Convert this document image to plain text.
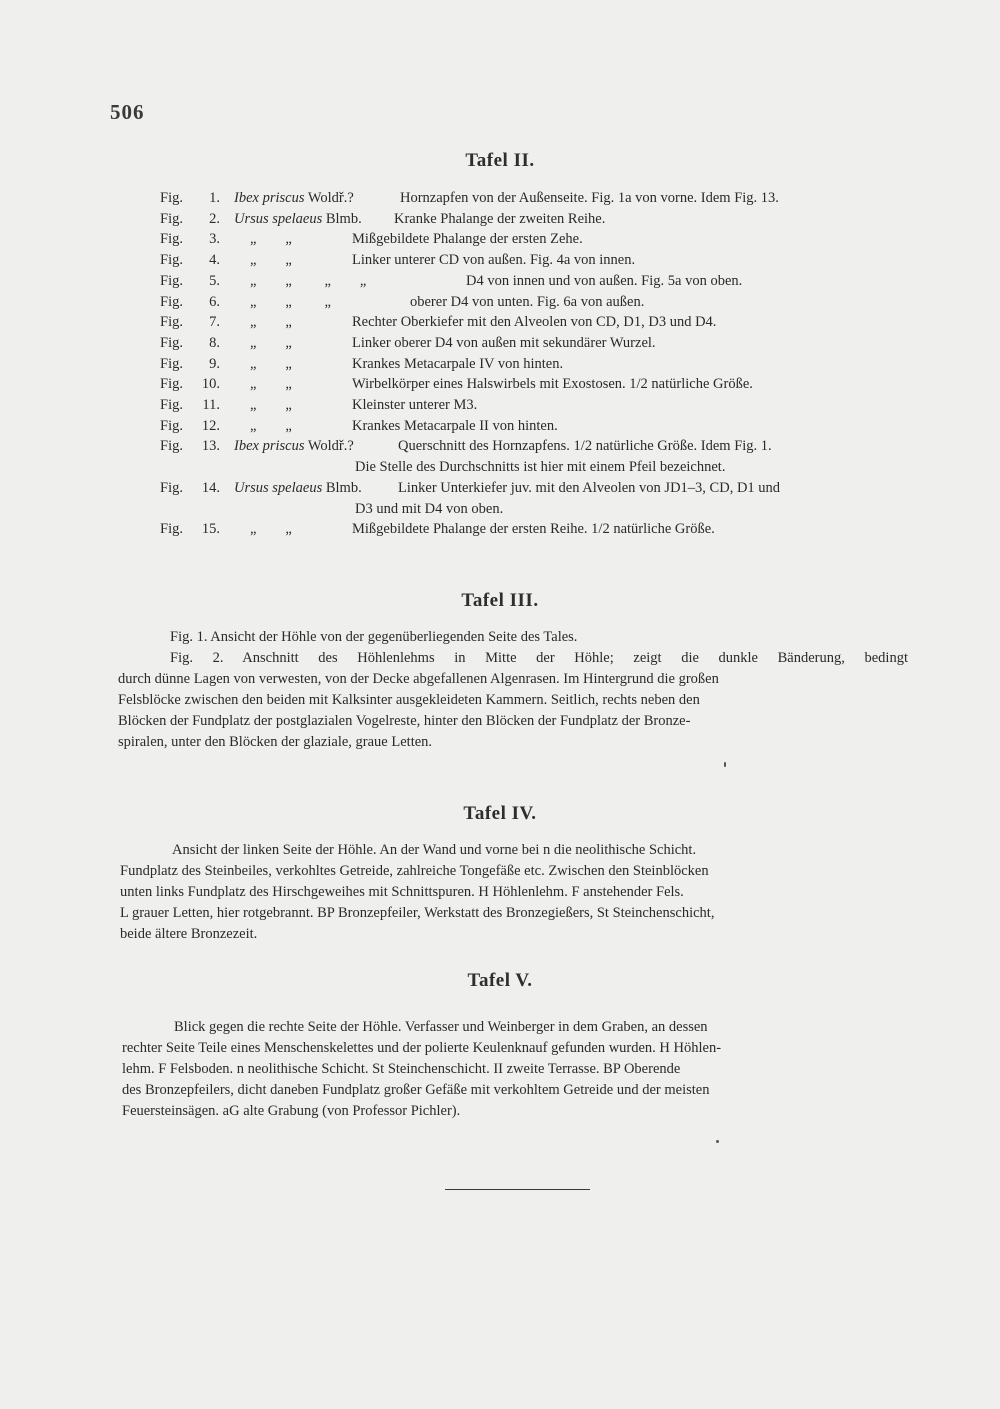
506
Tafel II.
Fig.	1. Ibex priscus Woldř.?	Hornzapfen von der Außenseite. Fig. 1a von vorne. Idem Fig. 13.
Fig.	2. Ursus spelaeus Blmb. Kranke Phalange der zweiten Reihe.
Fig.	3. „        „	Mißgebildete Phalange der ersten Zehe.
Fig.	4. „        „	Linker unterer CD von außen. Fig. 4a von innen.
Fig.	5. „        „         „        „	D4 von innen und von außen. Fig. 5a von oben.
Fig.	6. „        „         „	oberer D4 von unten. Fig. 6a von außen.
Fig.	7. „        „	Rechter Oberkiefer mit den Alveolen von CD, D1, D3 und D4.
Fig.	8. „        „	Linker oberer D4 von außen mit sekundärer Wurzel.
Fig.	9. „        „	Krankes Metacarpale IV von hinten.
Fig.	10. „        „	Wirbelkörper eines Halswirbels mit Exostosen. 1/2 natürliche Größe.
Fig.	11. „        „	Kleinster unterer M3.
Fig.	12. „        „	Krankes Metacarpale II von hinten.
Fig.	13. Ibex priscus Woldř.?	Querschnitt des Hornzapfens. 1/2 natürliche Größe. Idem Fig. 1.
Die Stelle des Durchschnitts ist hier mit einem Pfeil bezeichnet.
Fig.	14. Ursus spelaeus Blmb.	Linker Unterkiefer juv. mit den Alveolen von JD1–3, CD, D1 und
D3 und mit D4 von oben.
Fig.	15. „        „	Mißgebildete Phalange der ersten Reihe. 1/2 natürliche Größe.
Tafel III.
Fig. 1. Ansicht der Höhle von der gegenüberliegenden Seite des Tales.
Fig. 2. Anschnitt des Höhlenlehms in Mitte der Höhle; zeigt die dunkle Bänderung, bedingt
durch dünne Lagen von verwesten, von der Decke abgefallenen Algenrasen. Im Hintergrund die großen
Felsblöcke zwischen den beiden mit Kalksinter ausgekleideten Kammern. Seitlich, rechts neben den
Blöcken der Fundplatz der postglazialen Vogelreste, hinter den Blöcken der Fundplatz der Bronze-
spiralen, unter den Blöcken der glaziale, graue Letten.
Tafel IV.
Ansicht der linken Seite der Höhle. An der Wand und vorne bei n die neolithische Schicht.
Fundplatz des Steinbeiles, verkohltes Getreide, zahlreiche Tongefäße etc. Zwischen den Steinblöcken
unten links Fundplatz des Hirschgeweihes mit Schnittspuren. H Höhlenlehm. F anstehender Fels.
L grauer Letten, hier rotgebrannt. BP Bronzepfeiler, Werkstatt des Bronzegießers, St Steinchenschicht,
beide ältere Bronzezeit.
Tafel V.
Blick gegen die rechte Seite der Höhle. Verfasser und Weinberger in dem Graben, an dessen
rechter Seite Teile eines Menschenskelettes und der polierte Keulenknauf gefunden wurden. H Höhlen-
lehm. F Felsboden. n neolithische Schicht. St Steinchenschicht. II zweite Terrasse. BP Oberende
des Bronzepfeilers, dicht daneben Fundplatz großer Gefäße mit verkohltem Getreide und der meisten
Feuersteinsägen. aG alte Grabung (von Professor Pichler).
